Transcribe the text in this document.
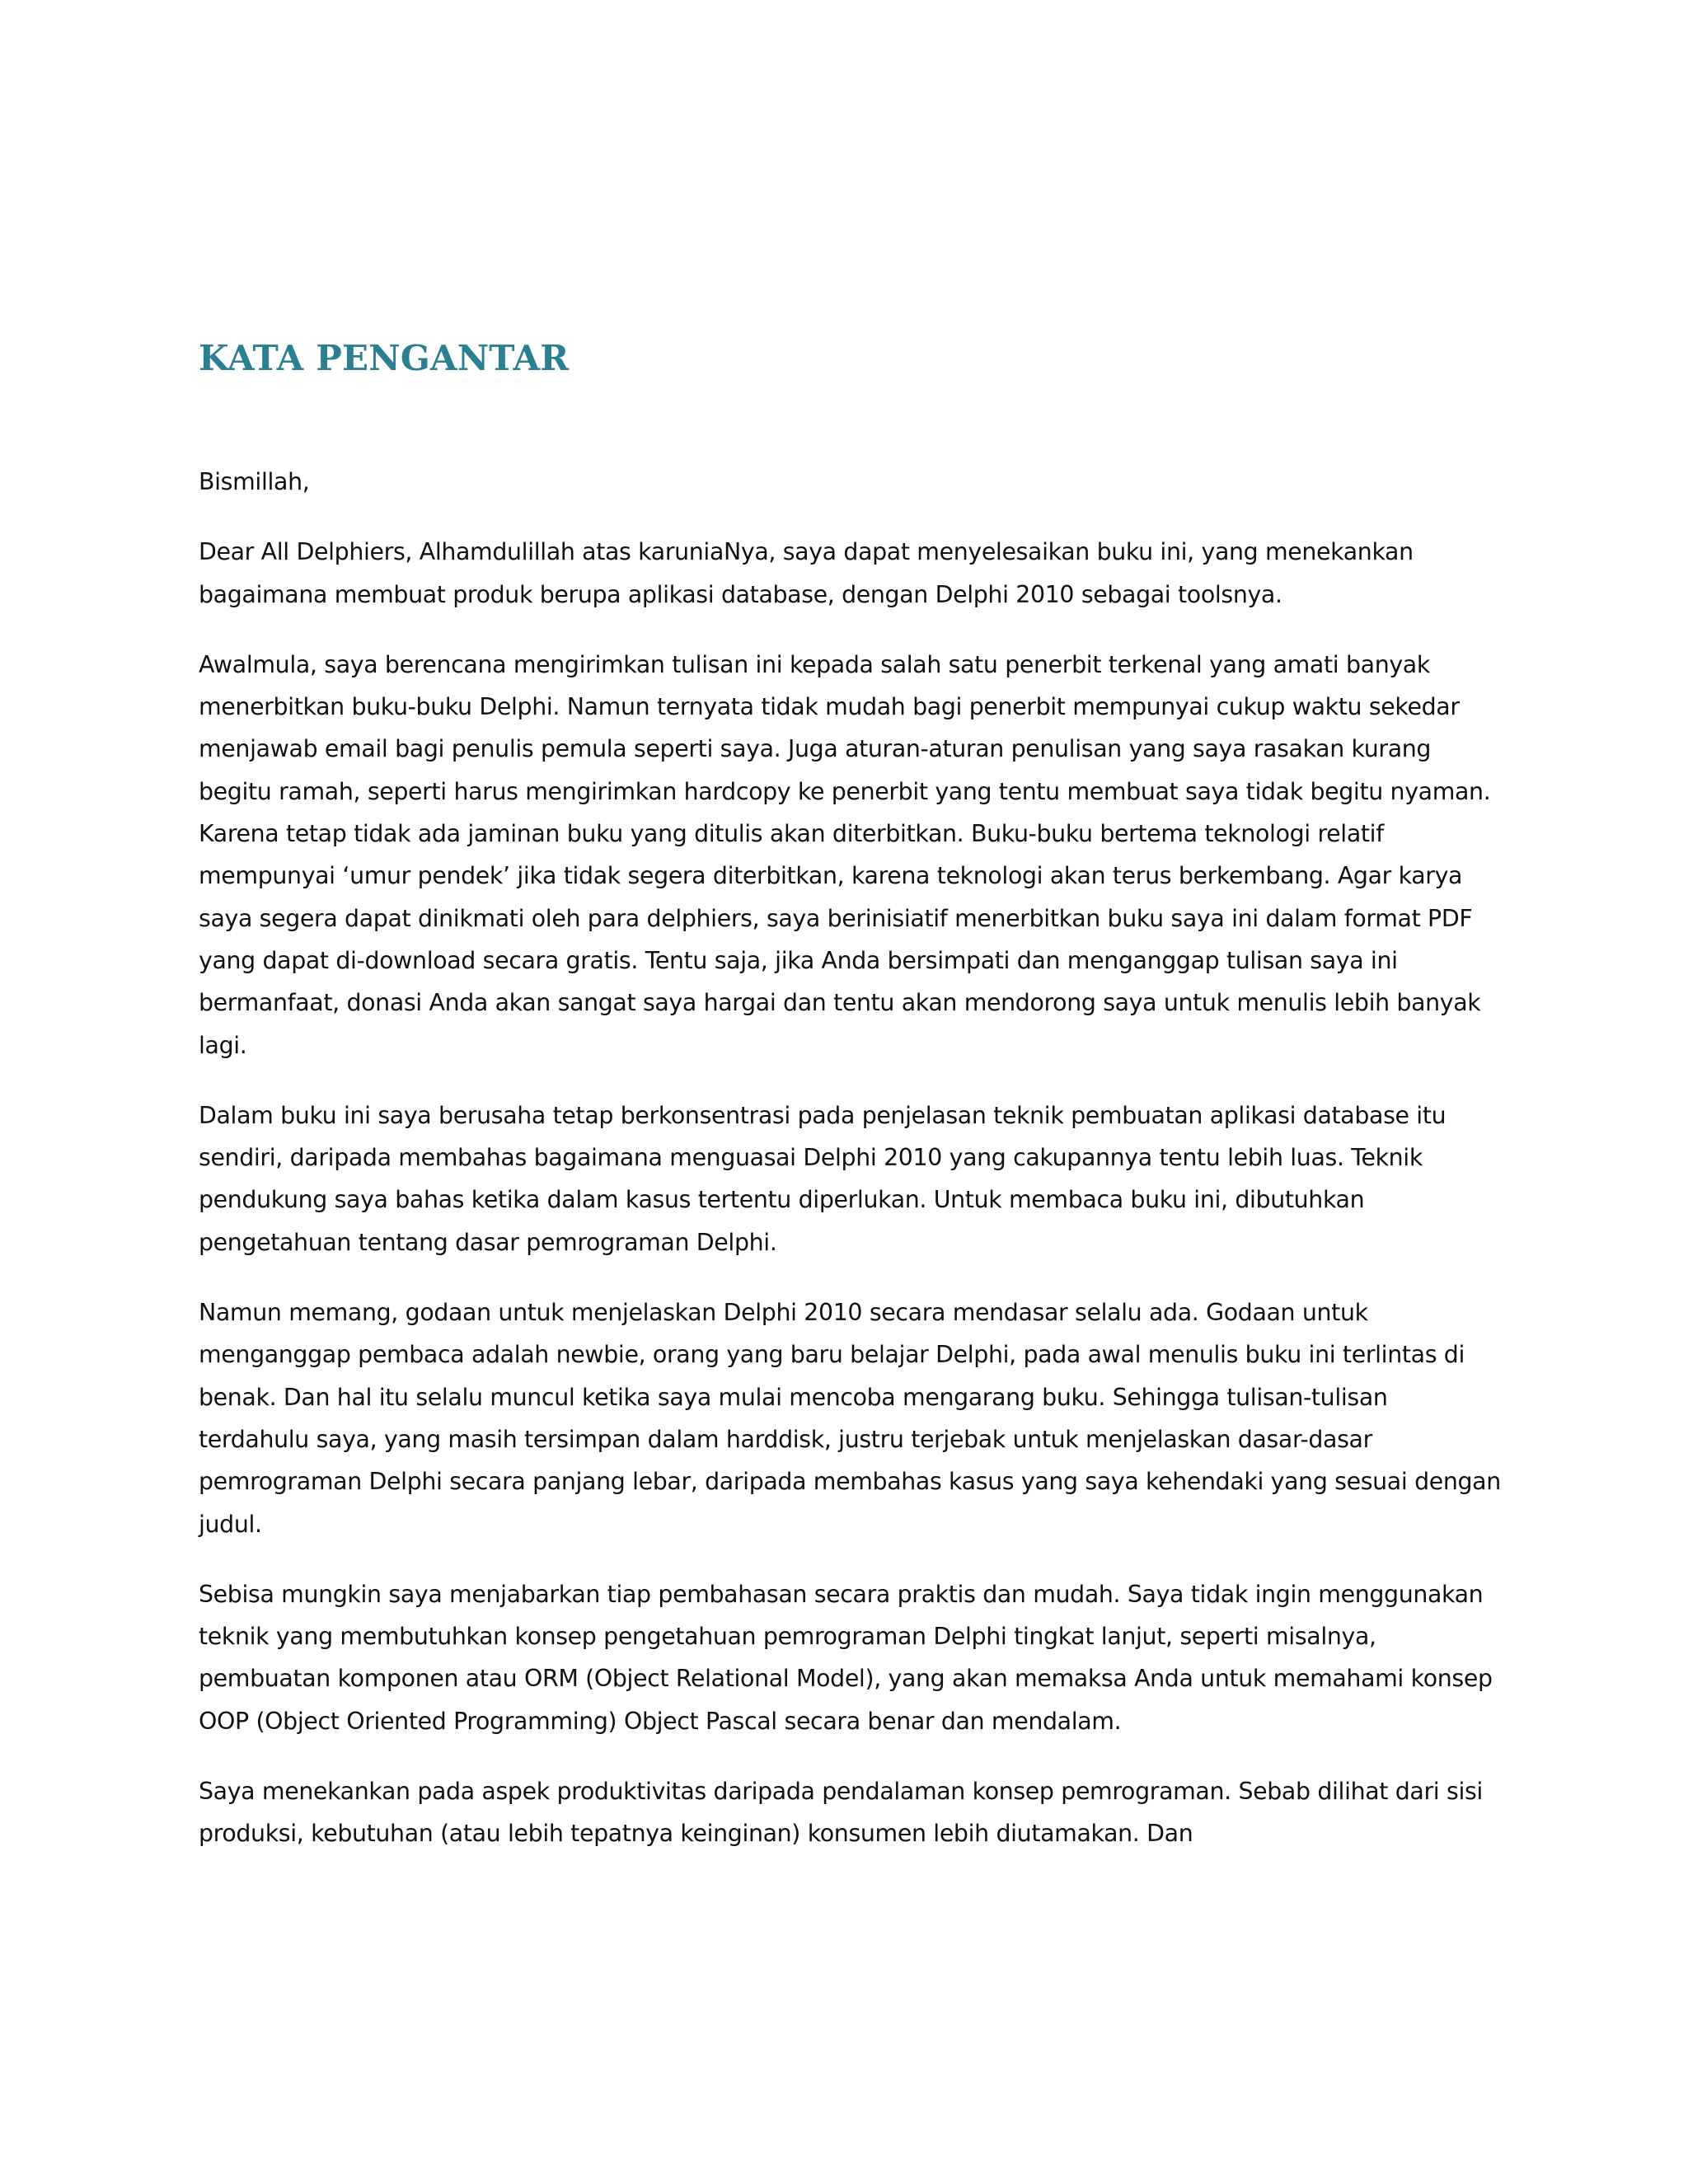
KATA PENGANTAR

Bismillah,

Dear All Delphiers, Alhamdulillah atas karuniaNya, saya dapat menyelesaikan buku ini, yang menekankan bagaimana membuat produk berupa aplikasi database, dengan Delphi 2010 sebagai toolsnya.

Awalmula, saya berencana mengirimkan tulisan ini kepada salah satu penerbit terkenal yang amati banyak menerbitkan buku-buku Delphi. Namun ternyata tidak mudah bagi penerbit mempunyai cukup waktu sekedar menjawab email bagi penulis pemula seperti saya. Juga aturan-aturan penulisan yang saya rasakan kurang begitu ramah, seperti harus mengirimkan hardcopy ke penerbit yang tentu membuat saya tidak begitu nyaman. Karena tetap tidak ada jaminan buku yang ditulis akan diterbitkan. Buku-buku bertema teknologi relatif mempunyai ‘umur pendek’ jika tidak segera diterbitkan, karena teknologi akan terus berkembang. Agar karya saya segera dapat dinikmati oleh para delphiers, saya berinisiatif menerbitkan buku saya ini dalam format PDF yang dapat di-download secara gratis. Tentu saja, jika Anda bersimpati dan menganggap tulisan saya ini bermanfaat, donasi Anda akan sangat saya hargai dan tentu akan mendorong saya untuk menulis lebih banyak lagi.

Dalam buku ini saya berusaha tetap berkonsentrasi pada penjelasan teknik pembuatan aplikasi database itu sendiri, daripada membahas bagaimana menguasai Delphi 2010 yang cakupannya tentu lebih luas. Teknik pendukung saya bahas ketika dalam kasus tertentu diperlukan. Untuk membaca buku ini, dibutuhkan pengetahuan tentang dasar pemrograman Delphi.

Namun memang, godaan untuk menjelaskan Delphi 2010 secara mendasar selalu ada. Godaan untuk menganggap pembaca adalah newbie, orang yang baru belajar Delphi, pada awal menulis buku ini terlintas di benak. Dan hal itu selalu muncul ketika saya mulai mencoba mengarang buku. Sehingga tulisan-tulisan terdahulu saya, yang masih tersimpan dalam harddisk, justru terjebak untuk menjelaskan dasar-dasar pemrograman Delphi secara panjang lebar, daripada membahas kasus yang saya kehendaki yang sesuai dengan judul.

Sebisa mungkin saya menjabarkan tiap pembahasan secara praktis dan mudah. Saya tidak ingin menggunakan teknik yang membutuhkan konsep pengetahuan pemrograman Delphi tingkat lanjut, seperti misalnya, pembuatan komponen atau ORM (Object Relational Model), yang akan memaksa Anda untuk memahami konsep OOP (Object Oriented Programming) Object Pascal secara benar dan mendalam.

Saya menekankan pada aspek produktivitas daripada pendalaman konsep pemrograman. Sebab dilihat dari sisi produksi, kebutuhan (atau lebih tepatnya keinginan) konsumen lebih diutamakan. Dan
